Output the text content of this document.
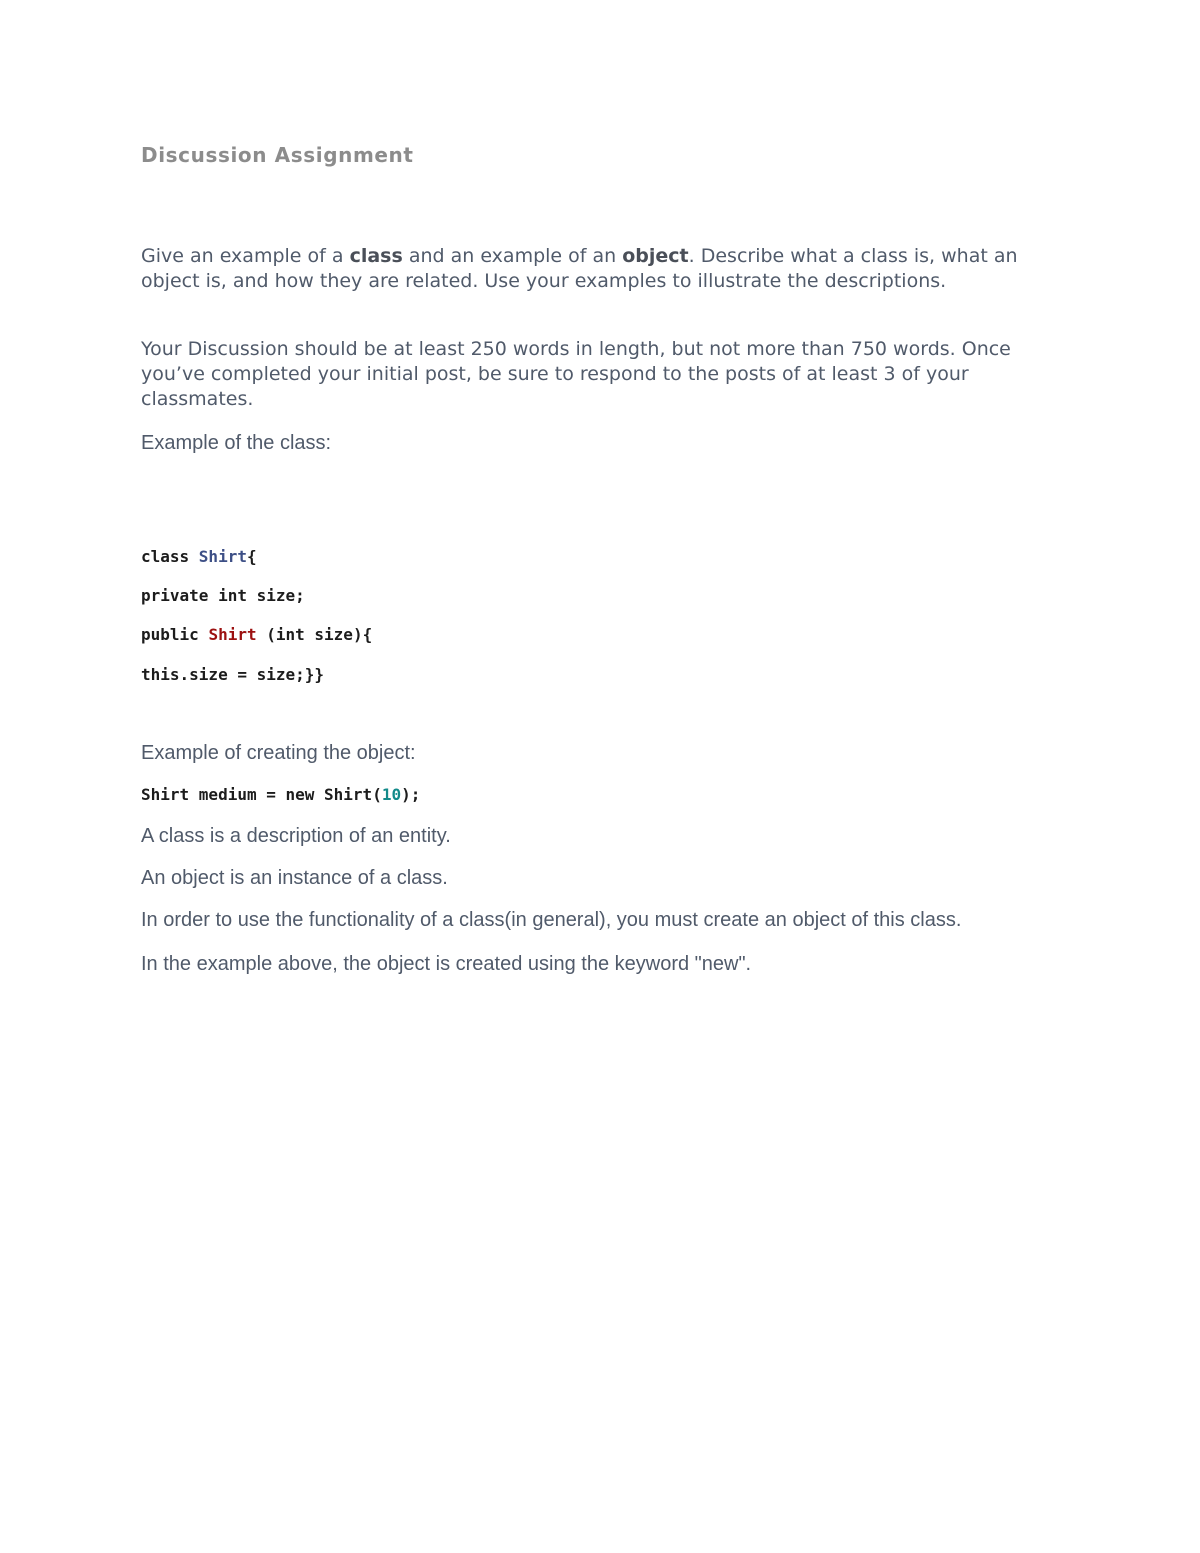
Discussion Assignment

Give an example of a class and an example of an object. Describe what a class is, what an object is, and how they are related. Use your examples to illustrate the descriptions.

Your Discussion should be at least 250 words in length, but not more than 750 words. Once you’ve completed your initial post, be sure to respond to the posts of at least 3 of your classmates.

Example of the class:

class Shirt{
private int size;
public Shirt (int size){
this.size = size;}}

Example of creating the object:

Shirt medium = new Shirt(10);

A class is a description of an entity.

An object is an instance of a class.

In order to use the functionality of a class(in general), you must create an object of this class.

In the example above, the object is created using the keyword "new".
